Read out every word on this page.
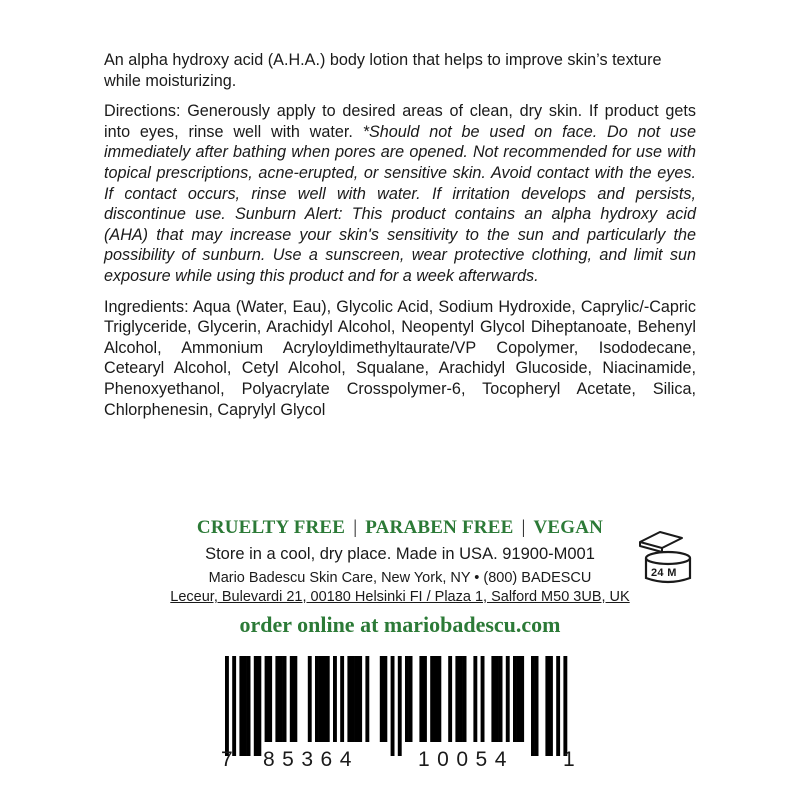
An alpha hydroxy acid (A.H.A.) body lotion that helps to improve skin’s texture while moisturizing.

Directions: Generously apply to desired areas of clean, dry skin. If product gets into eyes, rinse well with water. *Should not be used on face. Do not use immediately after bathing when pores are opened. Not recommended for use with topical prescriptions, acne-erupted, or sensitive skin. Avoid contact with the eyes. If contact occurs, rinse well with water. If irritation develops and persists, discontinue use. Sunburn Alert: This product contains an alpha hydroxy acid (AHA) that may increase your skin's sensitivity to the sun and particularly the possibility of sunburn. Use a sunscreen, wear protective clothing, and limit sun exposure while using this product and for a week afterwards.

Ingredients: Aqua (Water, Eau), Glycolic Acid, Sodium Hydroxide, Caprylic/-Capric Triglyceride, Glycerin, Arachidyl Alcohol, Neopentyl Glycol Diheptanoate, Behenyl Alcohol, Ammonium Acryloyldimethyltaurate/VP Copolymer, Isododecane, Cetearyl Alcohol, Cetyl Alcohol, Squalane, Arachidyl Glucoside, Niacinamide, Phenoxyethanol, Polyacrylate Crosspolymer-6, Tocopheryl Acetate, Silica, Chlorphenesin, Caprylyl Glycol

CRUELTY FREE | PARABEN FREE | VEGAN
Store in a cool, dry place. Made in USA. 91900-M001
Mario Badescu Skin Care, New York, NY • (800) BADESCU
Leceur, Bulevardi 21, 00180 Helsinki FI / Plaza 1, Salford M50 3UB, UK
order online at mariobadescu.com
24 M
7 85364	10054 1
